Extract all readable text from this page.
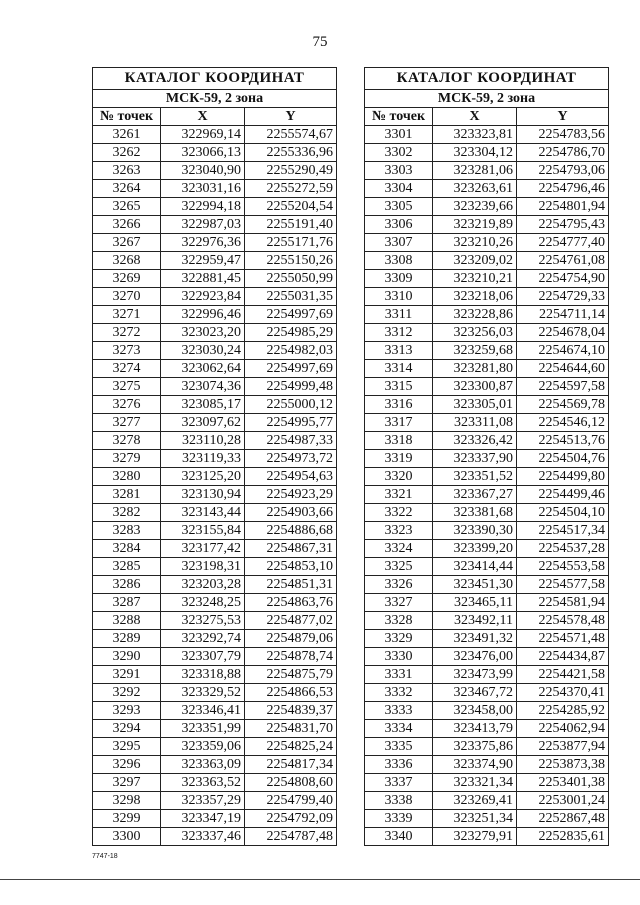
75
КАТАЛОГ КООРДИНАТ		
МСК-59, 2 зона		
№ точек	X	Y
3261	322969,14	2255574,67
3262	323066,13	2255336,96
3263	323040,90	2255290,49
3264	323031,16	2255272,59
3265	322994,18	2255204,54
3266	322987,03	2255191,40
3267	322976,36	2255171,76
3268	322959,47	2255150,26
3269	322881,45	2255050,99
3270	322923,84	2255031,35
3271	322996,46	2254997,69
3272	323023,20	2254985,29
3273	323030,24	2254982,03
3274	323062,64	2254997,69
3275	323074,36	2254999,48
3276	323085,17	2255000,12
3277	323097,62	2254995,77
3278	323110,28	2254987,33
3279	323119,33	2254973,72
3280	323125,20	2254954,63
3281	323130,94	2254923,29
3282	323143,44	2254903,66
3283	323155,84	2254886,68
3284	323177,42	2254867,31
3285	323198,31	2254853,10
3286	323203,28	2254851,31
3287	323248,25	2254863,76
3288	323275,53	2254877,02
3289	323292,74	2254879,06
3290	323307,79	2254878,74
3291	323318,88	2254875,79
3292	323329,52	2254866,53
3293	323346,41	2254839,37
3294	323351,99	2254831,70
3295	323359,06	2254825,24
3296	323363,09	2254817,34
3297	323363,52	2254808,60
3298	323357,29	2254799,40
3299	323347,19	2254792,09
3300	323337,46	2254787,48
КАТАЛОГ КООРДИНАТ		
МСК-59, 2 зона		
№ точек	X	Y
3301	323323,81	2254783,56
3302	323304,12	2254786,70
3303	323281,06	2254793,06
3304	323263,61	2254796,46
3305	323239,66	2254801,94
3306	323219,89	2254795,43
3307	323210,26	2254777,40
3308	323209,02	2254761,08
3309	323210,21	2254754,90
3310	323218,06	2254729,33
3311	323228,86	2254711,14
3312	323256,03	2254678,04
3313	323259,68	2254674,10
3314	323281,80	2254644,60
3315	323300,87	2254597,58
3316	323305,01	2254569,78
3317	323311,08	2254546,12
3318	323326,42	2254513,76
3319	323337,90	2254504,76
3320	323351,52	2254499,80
3321	323367,27	2254499,46
3322	323381,68	2254504,10
3323	323390,30	2254517,34
3324	323399,20	2254537,28
3325	323414,44	2254553,58
3326	323451,30	2254577,58
3327	323465,11	2254581,94
3328	323492,11	2254578,48
3329	323491,32	2254571,48
3330	323476,00	2254434,87
3331	323473,99	2254421,58
3332	323467,72	2254370,41
3333	323458,00	2254285,92
3334	323413,79	2254062,94
3335	323375,86	2253877,94
3336	323374,90	2253873,38
3337	323321,34	2253401,38
3338	323269,41	2253001,24
3339	323251,34	2252867,48
3340	323279,91	2252835,61
7747-18
